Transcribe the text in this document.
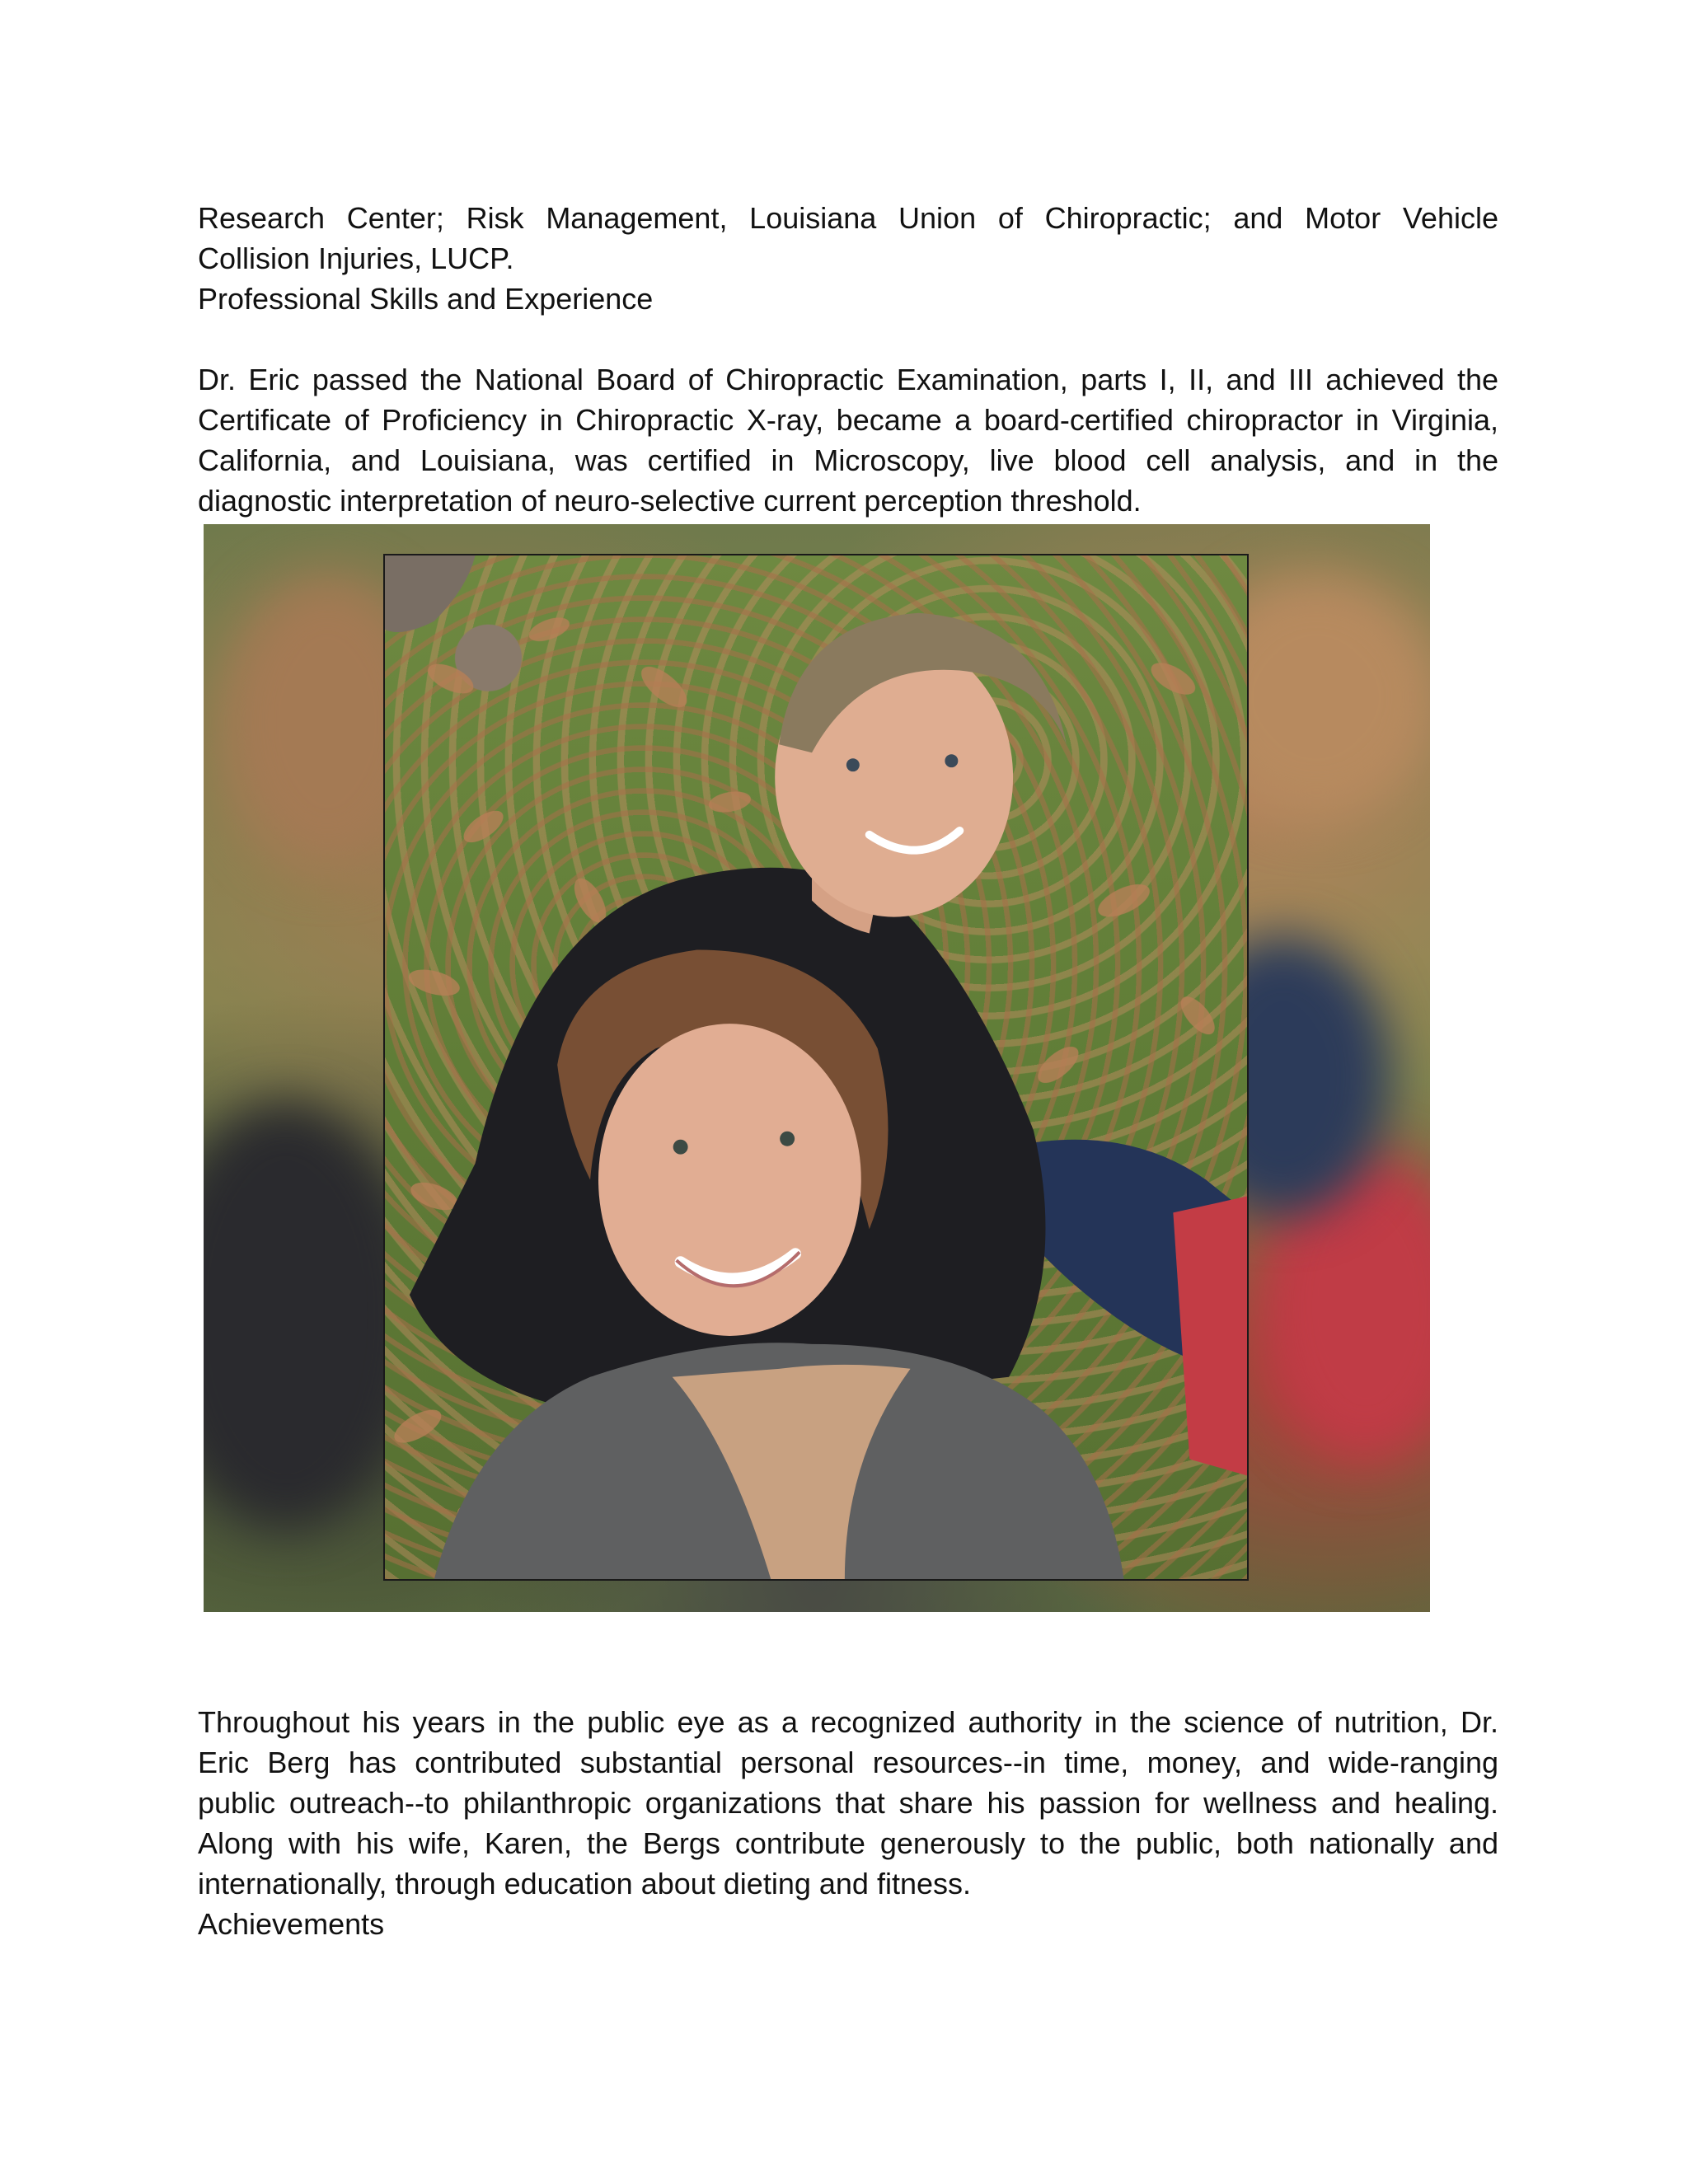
Research Center; Risk Management, Louisiana Union of Chiropractic; and Motor Vehicle
Collision Injuries, LUCP.
Professional Skills and Experience
Dr. Eric passed the National Board of Chiropractic Examination, parts I, II, and III achieved the
Certificate of Proficiency in Chiropractic X-ray, became a board-certified chiropractor in Virginia,
California, and Louisiana, was certified in Microscopy, live blood cell analysis, and in the
diagnostic interpretation of neuro-selective current perception threshold.
Throughout his years in the public eye as a recognized authority in the science of nutrition, Dr.
Eric Berg has contributed substantial personal resources--in time, money, and wide-ranging
public outreach--to philanthropic organizations that share his passion for wellness and healing.
Along with his wife, Karen, the Bergs contribute generously to the public, both nationally and
internationally, through education about dieting and fitness.
Achievements
